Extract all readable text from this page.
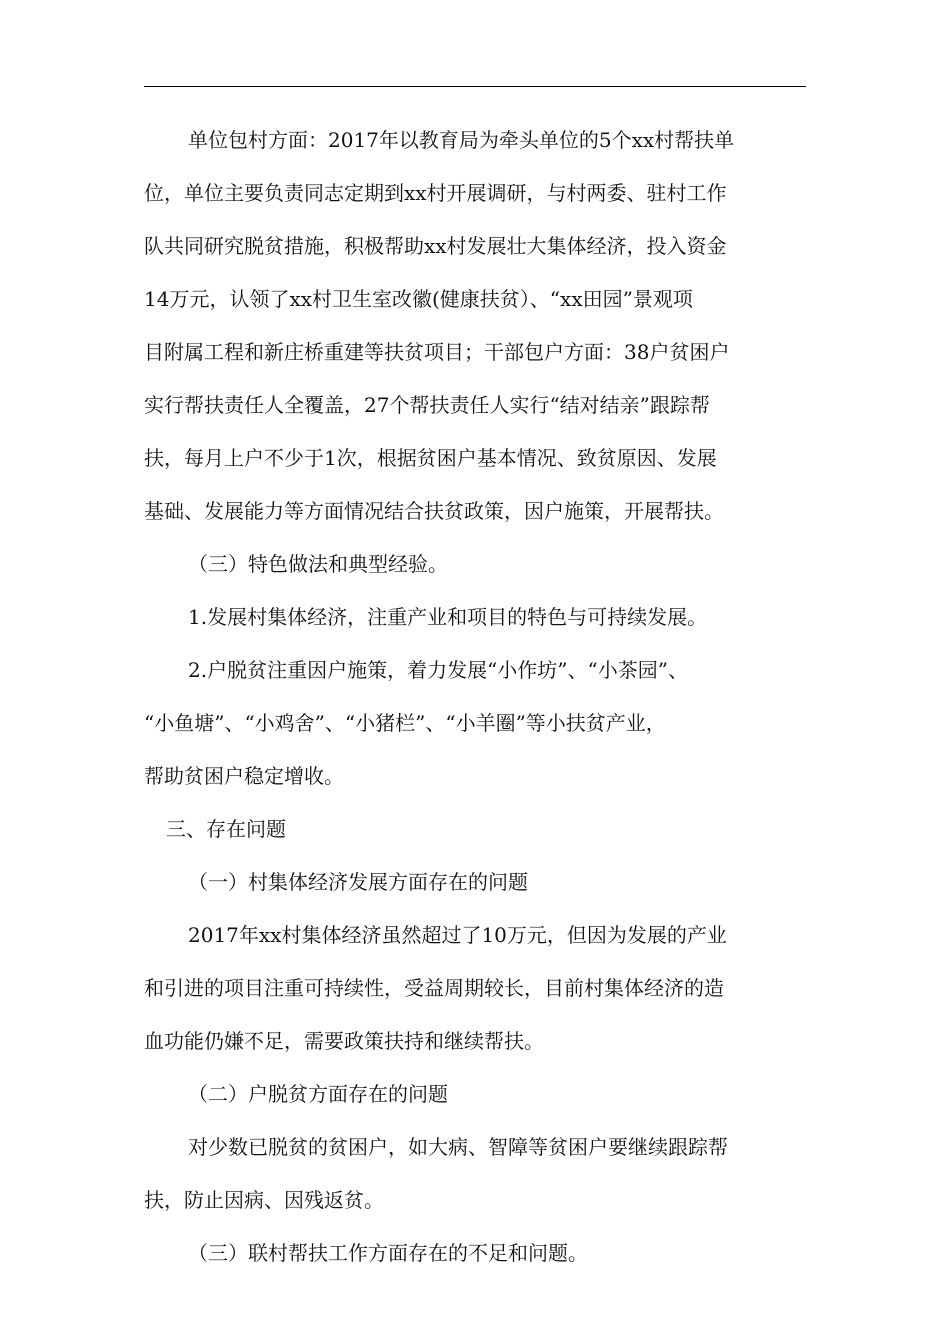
单位包村方面：2017年以教育局为牵头单位的5个xx村帮扶单
位，单位主要负责同志定期到xx村开展调研，与村两委、驻村工作
队共同研究脱贫措施，积极帮助xx村发展壮大集体经济，投入资金
14万元，认领了xx村卫生室改徽(健康扶贫）、“xx田园”景观项
目附属工程和新庄桥重建等扶贫项目；干部包户方面：38户贫困户
实行帮扶责任人全覆盖，27个帮扶责任人实行“结对结亲”跟踪帮
扶，每月上户不少于1次，根据贫困户基本情况、致贫原因、发展
基础、发展能力等方面情况结合扶贫政策，因户施策，开展帮扶。
（三）特色做法和典型经验。
1.发展村集体经济，注重产业和项目的特色与可持续发展。
2.户脱贫注重因户施策，着力发展“小作坊”、“小茶园”、
“小鱼塘”、“小鸡舍”、“小猪栏”、“小羊圈”等小扶贫产业，
帮助贫困户稳定增收。
三、存在问题
（一）村集体经济发展方面存在的问题
2017年xx村集体经济虽然超过了10万元，但因为发展的产业
和引进的项目注重可持续性，受益周期较长，目前村集体经济的造
血功能仍嫌不足，需要政策扶持和继续帮扶。
（二）户脱贫方面存在的问题
对少数已脱贫的贫困户，如大病、智障等贫困户要继续跟踪帮
扶，防止因病、因残返贫。
（三）联村帮扶工作方面存在的不足和问题。
